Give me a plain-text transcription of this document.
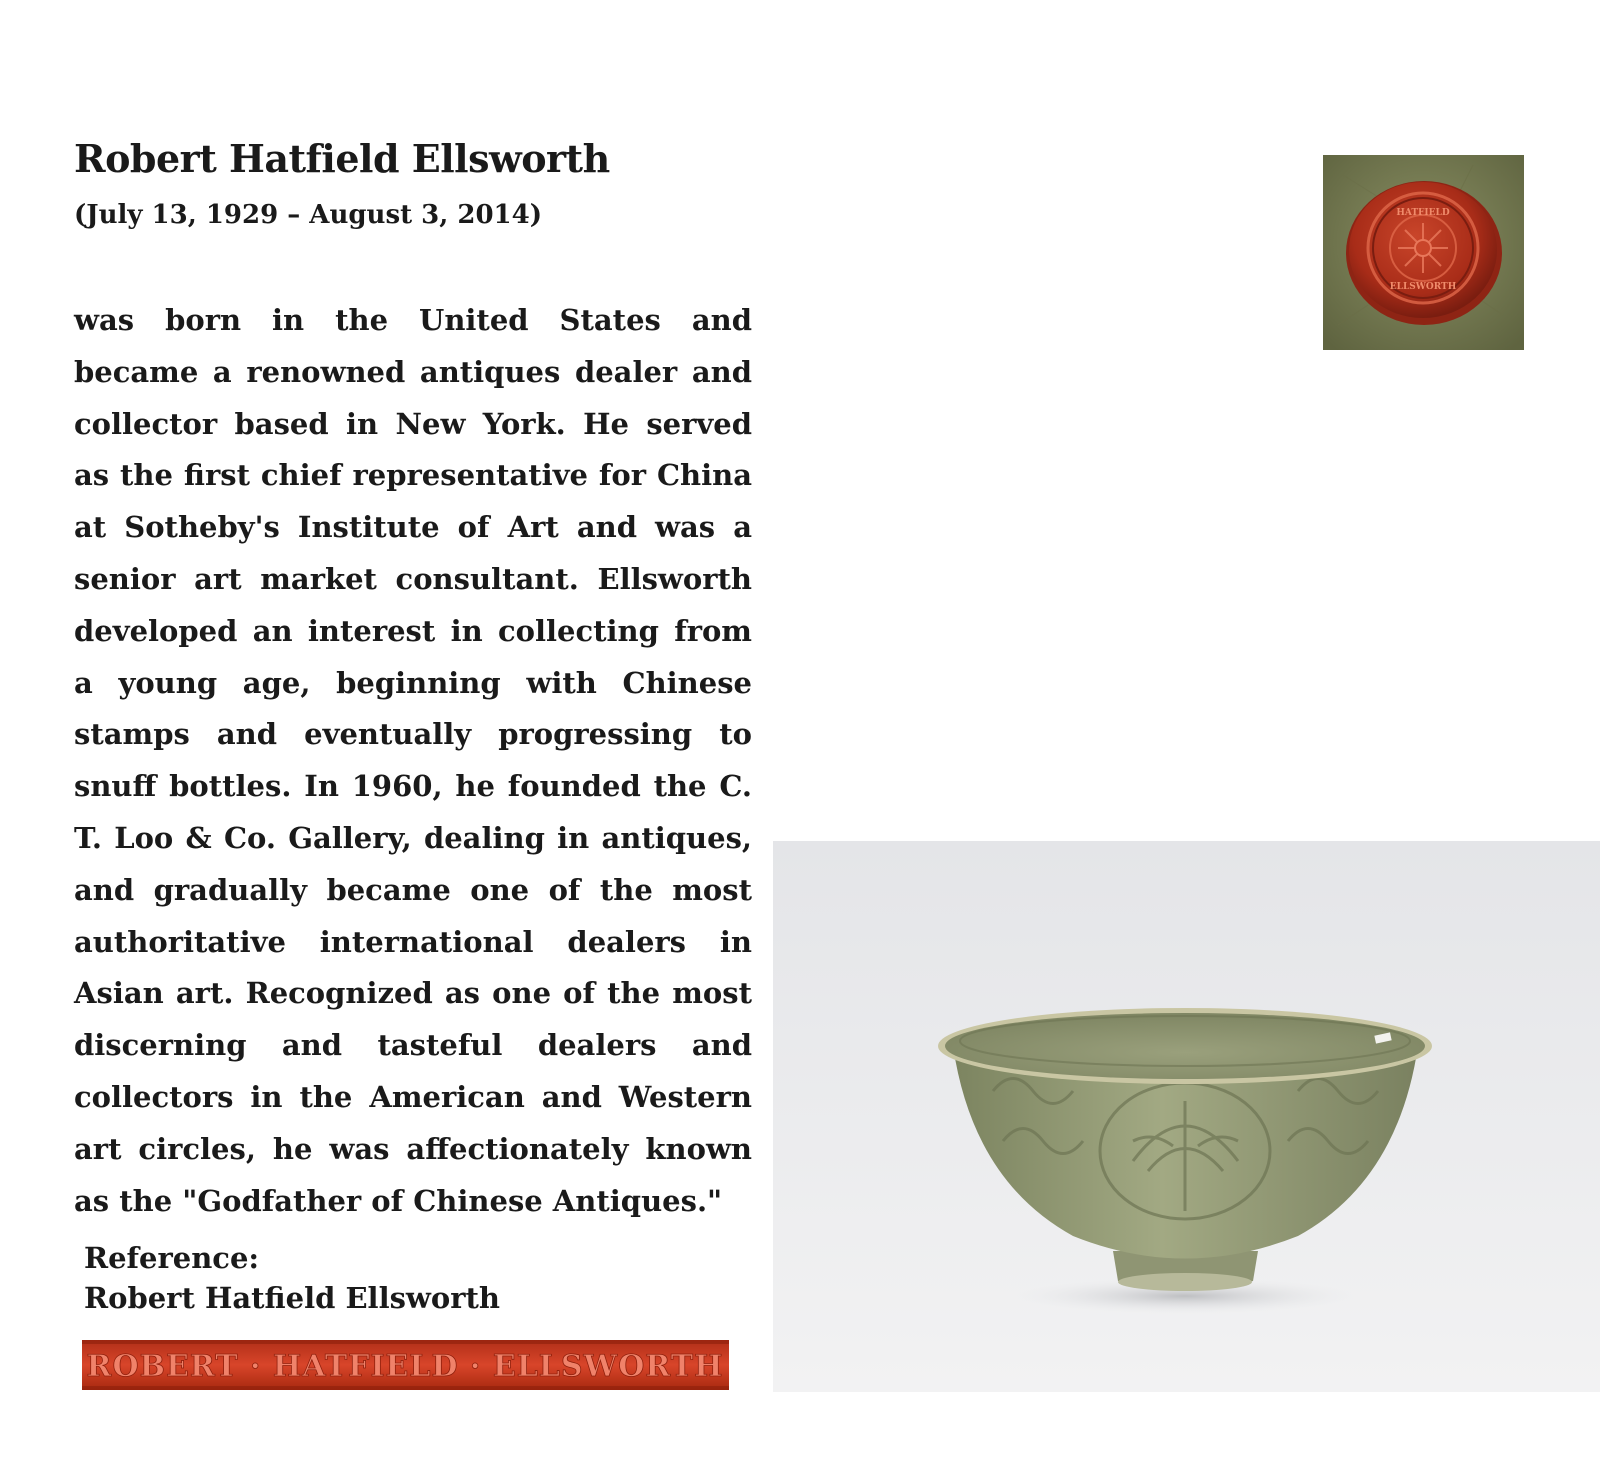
Robert Hatfield Ellsworth

(July 13, 1929 – August 3, 2014)

was born in the United States and became a renowned antiques dealer and collector based in New York. He served as the first chief representative for China at Sotheby's Institute of Art and was a senior art market consultant. Ellsworth developed an interest in collecting from a young age, beginning with Chinese stamps and eventually progressing to snuff bottles. In 1960, he founded the C. T. Loo & Co. Gallery, dealing in antiques, and gradually became one of the most authoritative international dealers in Asian art. Recognized as one of the most discerning and tasteful dealers and collectors in the American and Western art circles, he was affectionately known as the "Godfather of Chinese Antiques."

Reference:
Robert Hatfield Ellsworth
HATFIELD
ELLSWORTH
ROBERT · HATFIELD · ELLSWORTH
